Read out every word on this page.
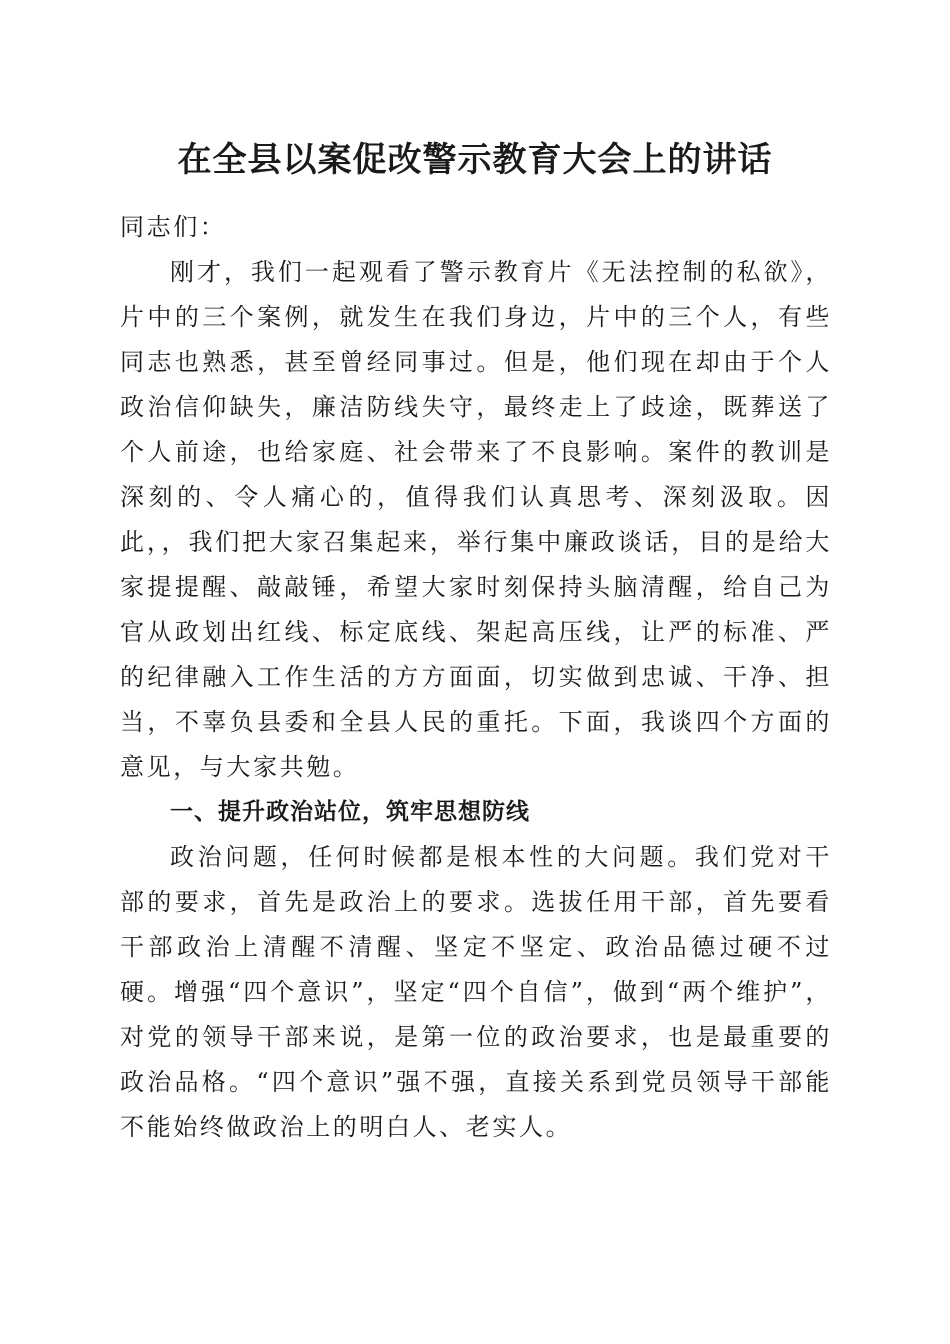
在全县以案促改警示教育大会上的讲话

同志们：

刚才，我们一起观看了警示教育片《无法控制的私欲》，片中的三个案例，就发生在我们身边，片中的三个人，有些同志也熟悉，甚至曾经同事过。但是，他们现在却由于个人政治信仰缺失，廉洁防线失守，最终走上了歧途，既葬送了个人前途，也给家庭、社会带来了不良影响。案件的教训是深刻的、令人痛心的，值得我们认真思考、深刻汲取。因此，，我们把大家召集起来，举行集中廉政谈话，目的是给大家提提醒、敲敲锤，希望大家时刻保持头脑清醒，给自己为官从政划出红线、标定底线、架起高压线，让严的标准、严的纪律融入工作生活的方方面面，切实做到忠诚、干净、担当，不辜负县委和全县人民的重托。下面，我谈四个方面的意见，与大家共勉。

一、提升政治站位，筑牢思想防线

政治问题，任何时候都是根本性的大问题。我们党对干部的要求，首先是政治上的要求。选拔任用干部，首先要看干部政治上清醒不清醒、坚定不坚定、政治品德过硬不过硬。增强“四个意识”，坚定“四个自信”，做到“两个维护”，对党的领导干部来说，是第一位的政治要求，也是最重要的政治品格。“四个意识”强不强，直接关系到党员领导干部能不能始终做政治上的明白人、老实人。
